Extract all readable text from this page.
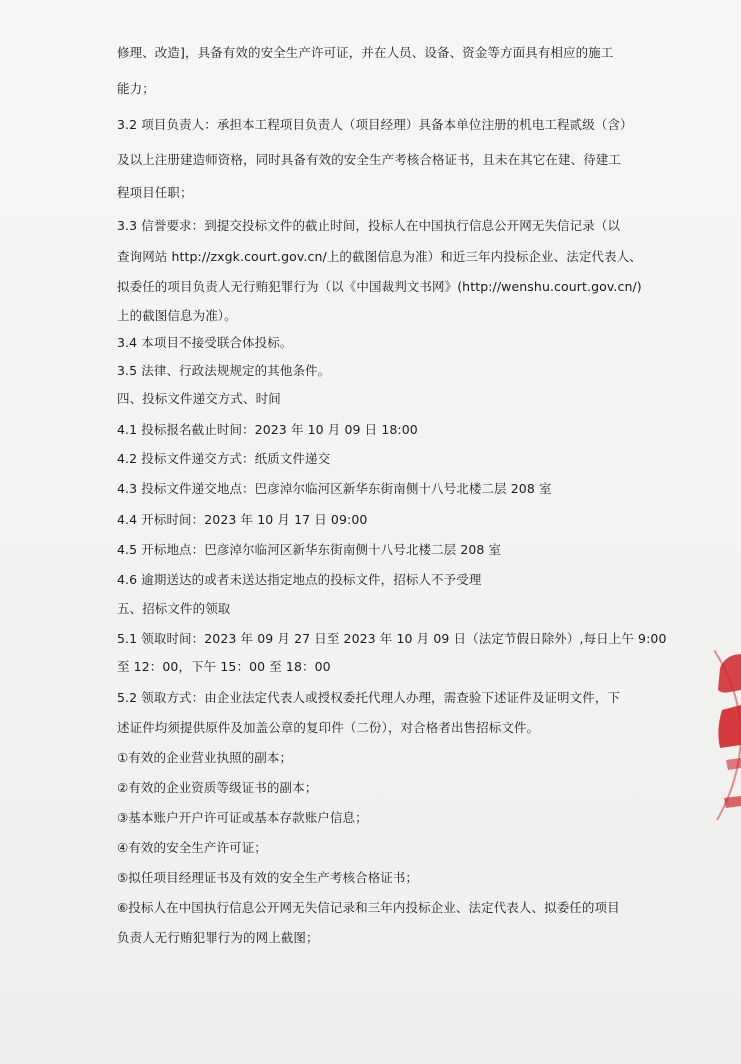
修理、改造]，具备有效的安全生产许可证，并在人员、设备、资金等方面具有相应的施工
能力；
3.2 项目负责人：承担本工程项目负责人（项目经理）具备本单位注册的机电工程贰级（含）
及以上注册建造师资格，同时具备有效的安全生产考核合格证书，且未在其它在建、待建工
程项目任职；
3.3 信誉要求：到提交投标文件的截止时间，投标人在中国执行信息公开网无失信记录（以
查询网站 http://zxgk.court.gov.cn/上的截图信息为准）和近三年内投标企业、法定代表人、
拟委任的项目负责人无行贿犯罪行为（以《中国裁判文书网》(http://wenshu.court.gov.cn/)
上的截图信息为准）。
3.4 本项目不接受联合体投标。
3.5 法律、行政法规规定的其他条件。
四、投标文件递交方式、时间
4.1 投标报名截止时间：2023 年 10 月 09 日 18:00
4.2 投标文件递交方式：纸质文件递交
4.3 投标文件递交地点：巴彦淖尔临河区新华东街南侧十八号北楼二层 208 室
4.4 开标时间：2023 年 10 月 17 日 09:00
4.5 开标地点：巴彦淖尔临河区新华东街南侧十八号北楼二层 208 室
4.6 逾期送达的或者未送达指定地点的投标文件，招标人不予受理
五、招标文件的领取
5.1 领取时间：2023 年 09 月 27 日至 2023 年 10 月 09 日（法定节假日除外）,每日上午 9:00
至 12：00，下午 15：00 至 18：00
5.2 领取方式：由企业法定代表人或授权委托代理人办理，需查验下述证件及证明文件，下
述证件均须提供原件及加盖公章的复印件（二份），对合格者出售招标文件。
①有效的企业营业执照的副本；
②有效的企业资质等级证书的副本；
③基本账户开户许可证或基本存款账户信息；
④有效的安全生产许可证；
⑤拟任项目经理证书及有效的安全生产考核合格证书；
⑥投标人在中国执行信息公开网无失信记录和三年内投标企业、法定代表人、拟委任的项目
负责人无行贿犯罪行为的网上截图；
